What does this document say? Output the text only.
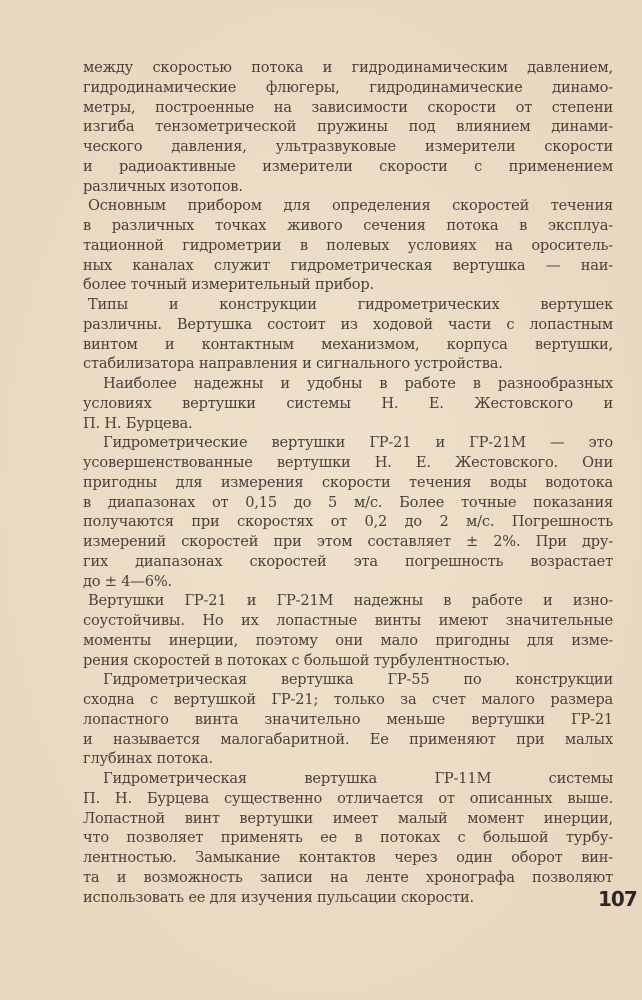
между скоростью потока и гидродинамическим давлением,
гидродинамические флюгеры, гидродинамические динамо-
метры, построенные на зависимости скорости от степени
изгиба тензометрической пружины под влиянием динами-
ческого давления, ультразвуковые измерители скорости
и радиоактивные измерители скорости с применением
различных изотопов.
Основным прибором для определения скоростей течения
в различных точках живого сечения потока в эксплуа-
тационной гидрометрии в полевых условиях на ороситель-
ных каналах служит гидрометрическая вертушка — наи-
более точный измерительный прибор.
Типы и конструкции гидрометрических вертушек
различны. Вертушка состоит из ходовой части с лопастным
винтом и контактным механизмом, корпуса вертушки,
стабилизатора направления и сигнального устройства.
Наиболее надежны и удобны в работе в разнообразных
условиях вертушки системы Н. Е. Жестовского и
П. Н. Бурцева.
Гидрометрические вертушки ГР-21 и ГР-21М — это
усовершенствованные вертушки Н. Е. Жестовского. Они
пригодны для измерения скорости течения воды водотока
в диапазонах от 0,15 до 5 м/с. Более точные показания
получаются при скоростях от 0,2 до 2 м/с. Погрешность
измерений скоростей при этом составляет ± 2%. При дру-
гих диапазонах скоростей эта погрешность возрастает
до ± 4—6%.
Вертушки ГР-21 и ГР-21М надежны в работе и изно-
соустойчивы. Но их лопастные винты имеют значительные
моменты инерции, поэтому они мало пригодны для изме-
рения скоростей в потоках с большой турбулентностью.
Гидрометрическая вертушка ГР-55 по конструкции
сходна с вертушкой ГР-21; только за счет малого размера
лопастного винта значительно меньше вертушки ГР-21
и называется малогабаритной. Ее применяют при малых
глубинах потока.
Гидрометрическая вертушка ГР-11М системы
П. Н. Бурцева существенно отличается от описанных выше.
Лопастной винт вертушки имеет малый момент инерции,
что позволяет применять ее в потоках с большой турбу-
лентностью. Замыкание контактов через один оборот вин-
та и возможность записи на ленте хронографа позволяют
использовать ее для изучения пульсации скорости.	107
